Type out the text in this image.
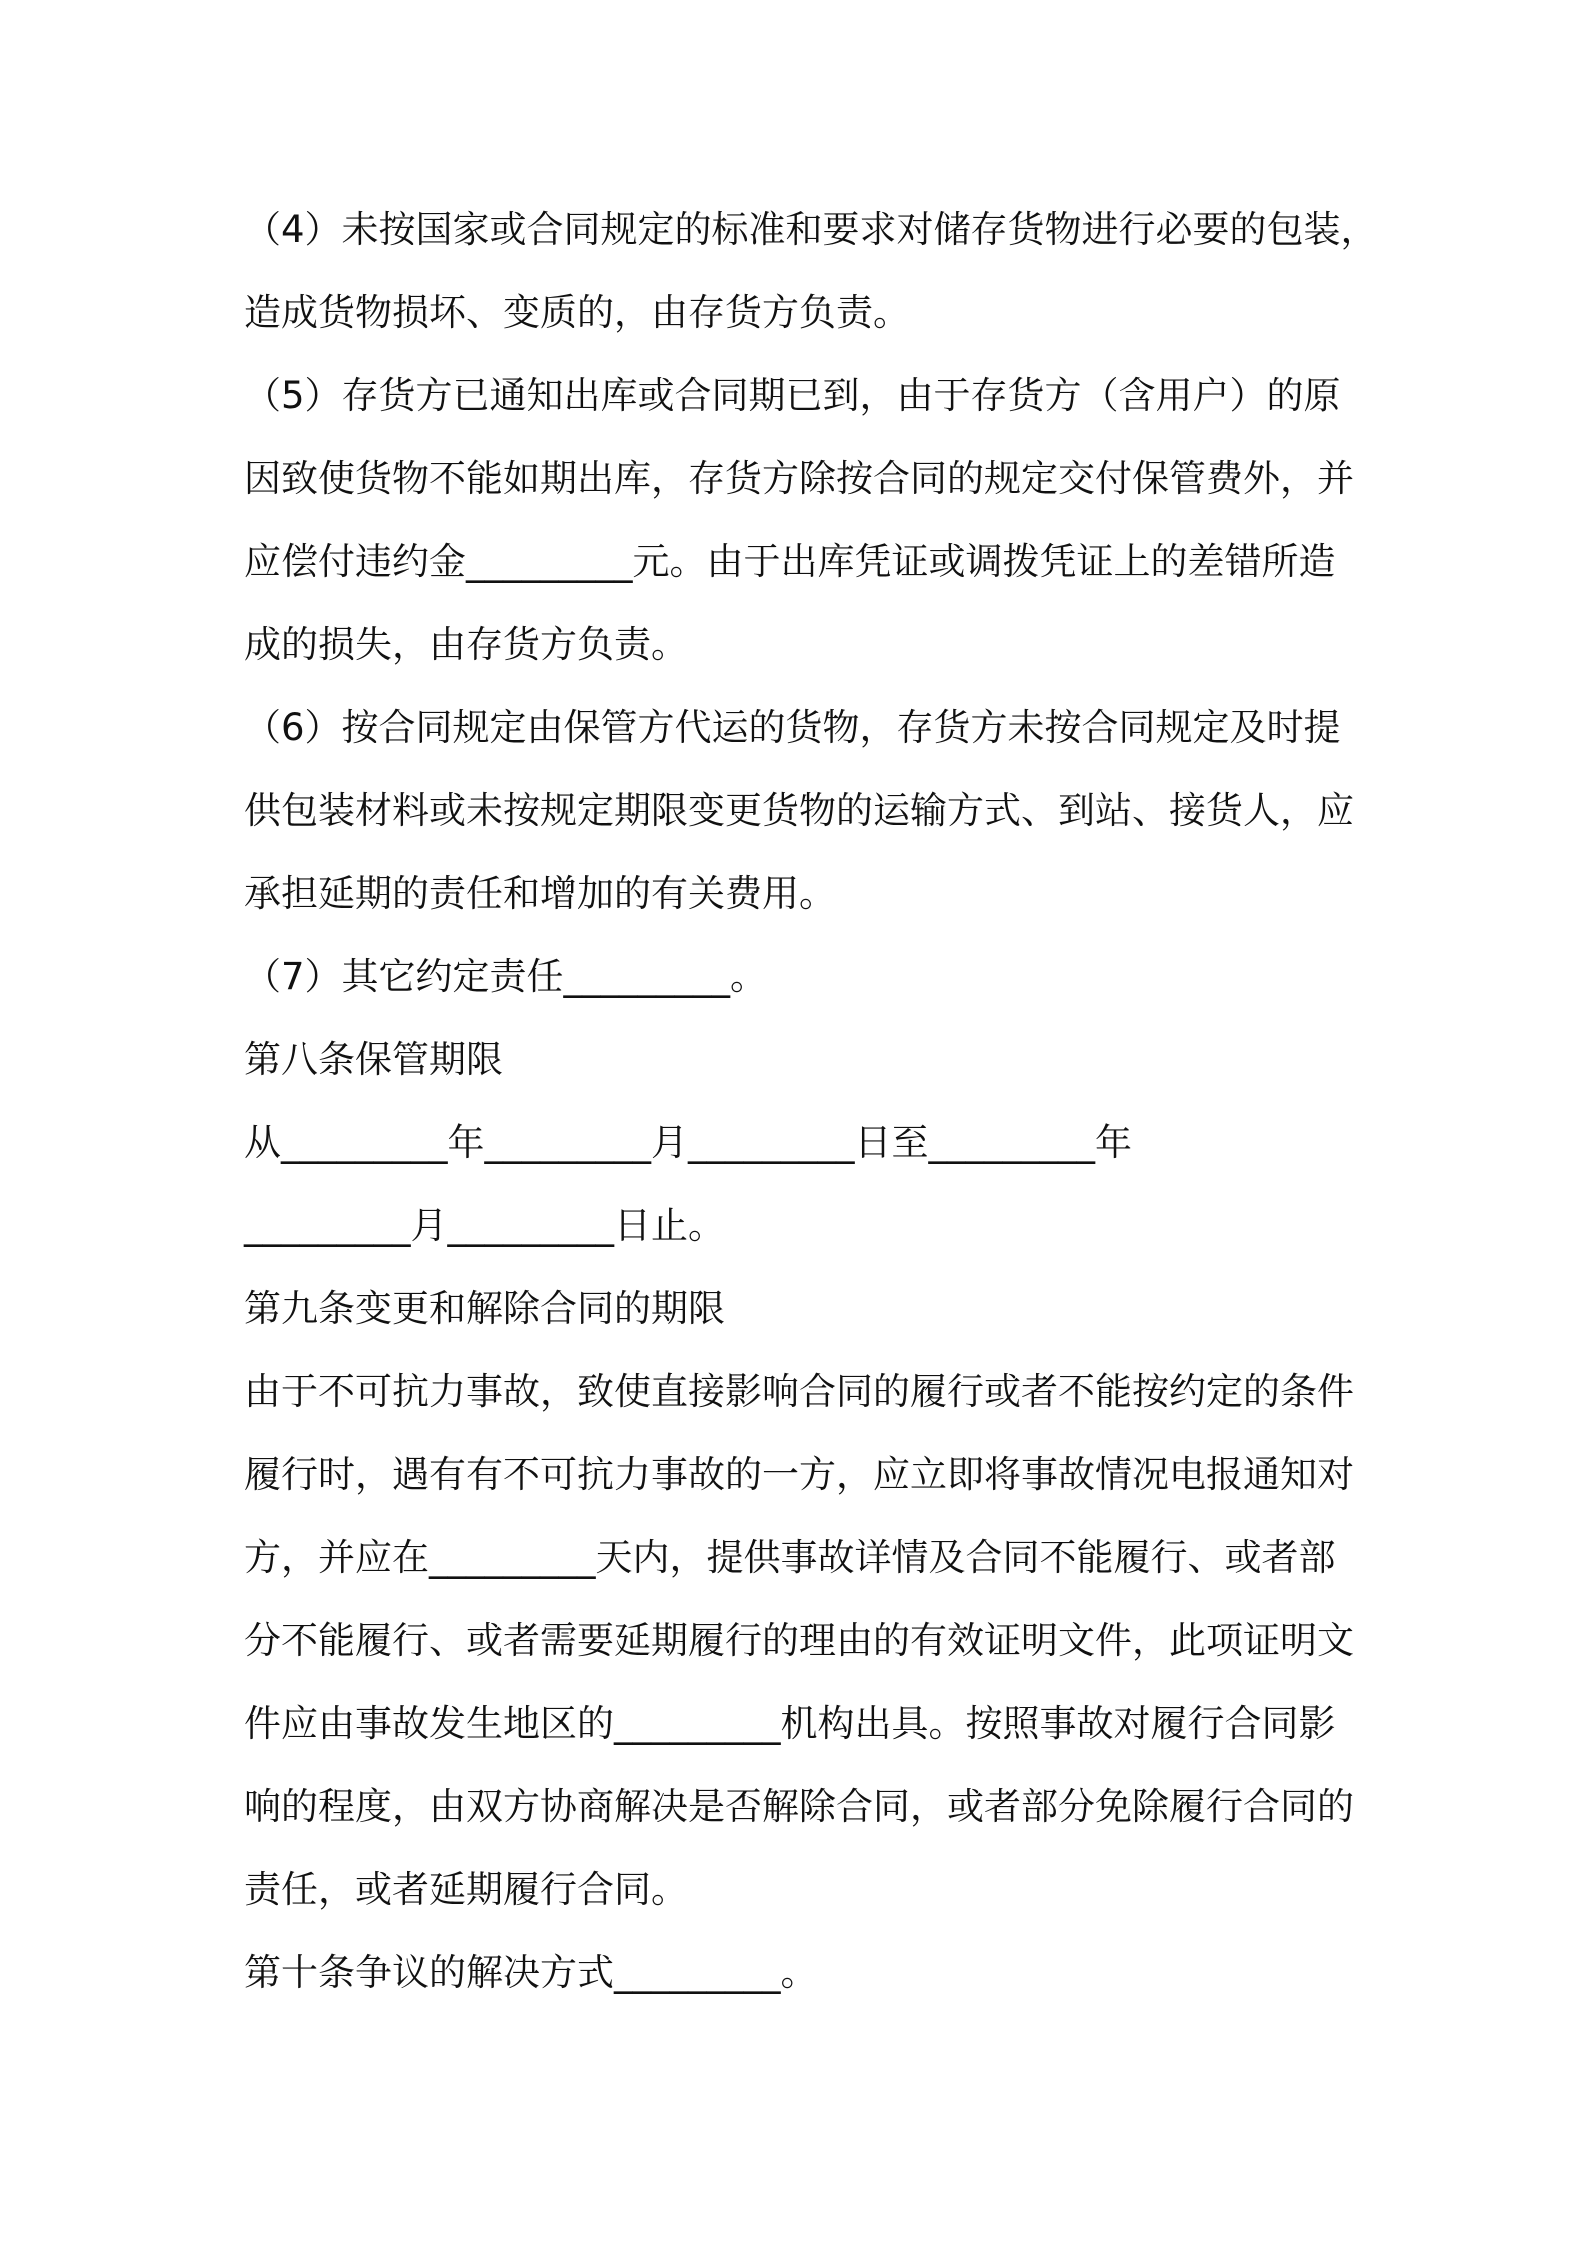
（4）未按国家或合同规定的标准和要求对储存货物进行必要的包装，

造成货物损坏、变质的，由存货方负责。

（5）存货方已通知出库或合同期已到，由于存货方（含用户）的原

因致使货物不能如期出库，存货方除按合同的规定交付保管费外，并

应偿付违约金_________元。由于出库凭证或调拨凭证上的差错所造

成的损失，由存货方负责。

（6）按合同规定由保管方代运的货物，存货方未按合同规定及时提

供包装材料或未按规定期限变更货物的运输方式、到站、接货人，应

承担延期的责任和增加的有关费用。

（7）其它约定责任_________。

第八条保管期限

从_________年_________月_________日至_________年

_________月_________日止。

第九条变更和解除合同的期限

由于不可抗力事故，致使直接影响合同的履行或者不能按约定的条件

履行时，遇有有不可抗力事故的一方，应立即将事故情况电报通知对

方，并应在_________天内，提供事故详情及合同不能履行、或者部

分不能履行、或者需要延期履行的理由的有效证明文件，此项证明文

件应由事故发生地区的_________机构出具。按照事故对履行合同影

响的程度，由双方协商解决是否解除合同，或者部分免除履行合同的

责任，或者延期履行合同。

第十条争议的解决方式_________。
